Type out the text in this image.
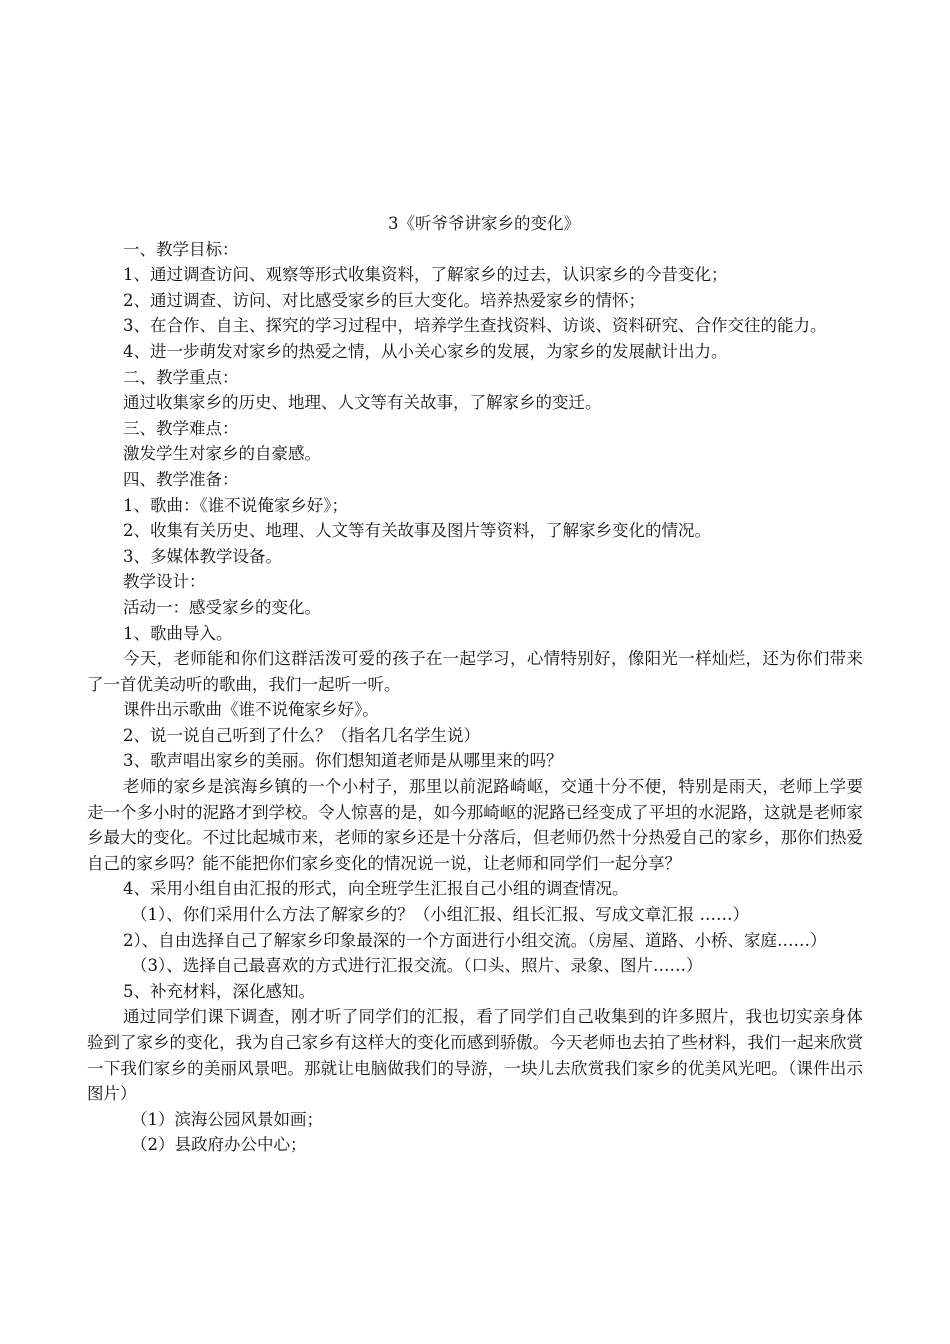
3《听爷爷讲家乡的变化》

一、教学目标：

1、通过调查访问、观察等形式收集资料，了解家乡的过去，认识家乡的今昔变化；

2、通过调查、访问、对比感受家乡的巨大变化。培养热爱家乡的情怀；

3、在合作、自主、探究的学习过程中，培养学生查找资料、访谈、资料研究、合作交往的能力。

4、进一步萌发对家乡的热爱之情，从小关心家乡的发展，为家乡的发展献计出力。

二、教学重点：

通过收集家乡的历史、地理、人文等有关故事，了解家乡的变迁。

三、教学难点：

激发学生对家乡的自豪感。

四、教学准备：

1、歌曲：《谁不说俺家乡好》；

2、收集有关历史、地理、人文等有关故事及图片等资料，了解家乡变化的情况。

3、多媒体教学设备。

教学设计：

活动一：感受家乡的变化。

1、歌曲导入。

今天，老师能和你们这群活泼可爱的孩子在一起学习，心情特别好，像阳光一样灿烂，还为你们带来了一首优美动听的歌曲，我们一起听一听。

课件出示歌曲《谁不说俺家乡好》。

2、说一说自己听到了什么？（指名几名学生说）

3、歌声唱出家乡的美丽。你们想知道老师是从哪里来的吗？

老师的家乡是滨海乡镇的一个小村子，那里以前泥路崎岖，交通十分不便，特别是雨天，老师上学要走一个多小时的泥路才到学校。令人惊喜的是，如今那崎岖的泥路已经变成了平坦的水泥路，这就是老师家乡最大的变化。不过比起城市来，老师的家乡还是十分落后，但老师仍然十分热爱自己的家乡，那你们热爱自己的家乡吗？能不能把你们家乡变化的情况说一说，让老师和同学们一起分享？

4、采用小组自由汇报的形式，向全班学生汇报自己小组的调查情况。

（1）、你们采用什么方法了解家乡的？（小组汇报、组长汇报、写成文章汇报 ……）

2）、自由选择自己了解家乡印象最深的一个方面进行小组交流。（房屋、道路、小桥、家庭……）

（3）、选择自己最喜欢的方式进行汇报交流。（口头、照片、录象、图片……）

5、补充材料，深化感知。

通过同学们课下调查，刚才听了同学们的汇报，看了同学们自己收集到的许多照片，我也切实亲身体验到了家乡的变化，我为自己家乡有这样大的变化而感到骄傲。今天老师也去拍了些材料，我们一起来欣赏一下我们家乡的美丽风景吧。那就让电脑做我们的导游，一块儿去欣赏我们家乡的优美风光吧。（课件出示图片）

（1）滨海公园风景如画；

（2）县政府办公中心；
